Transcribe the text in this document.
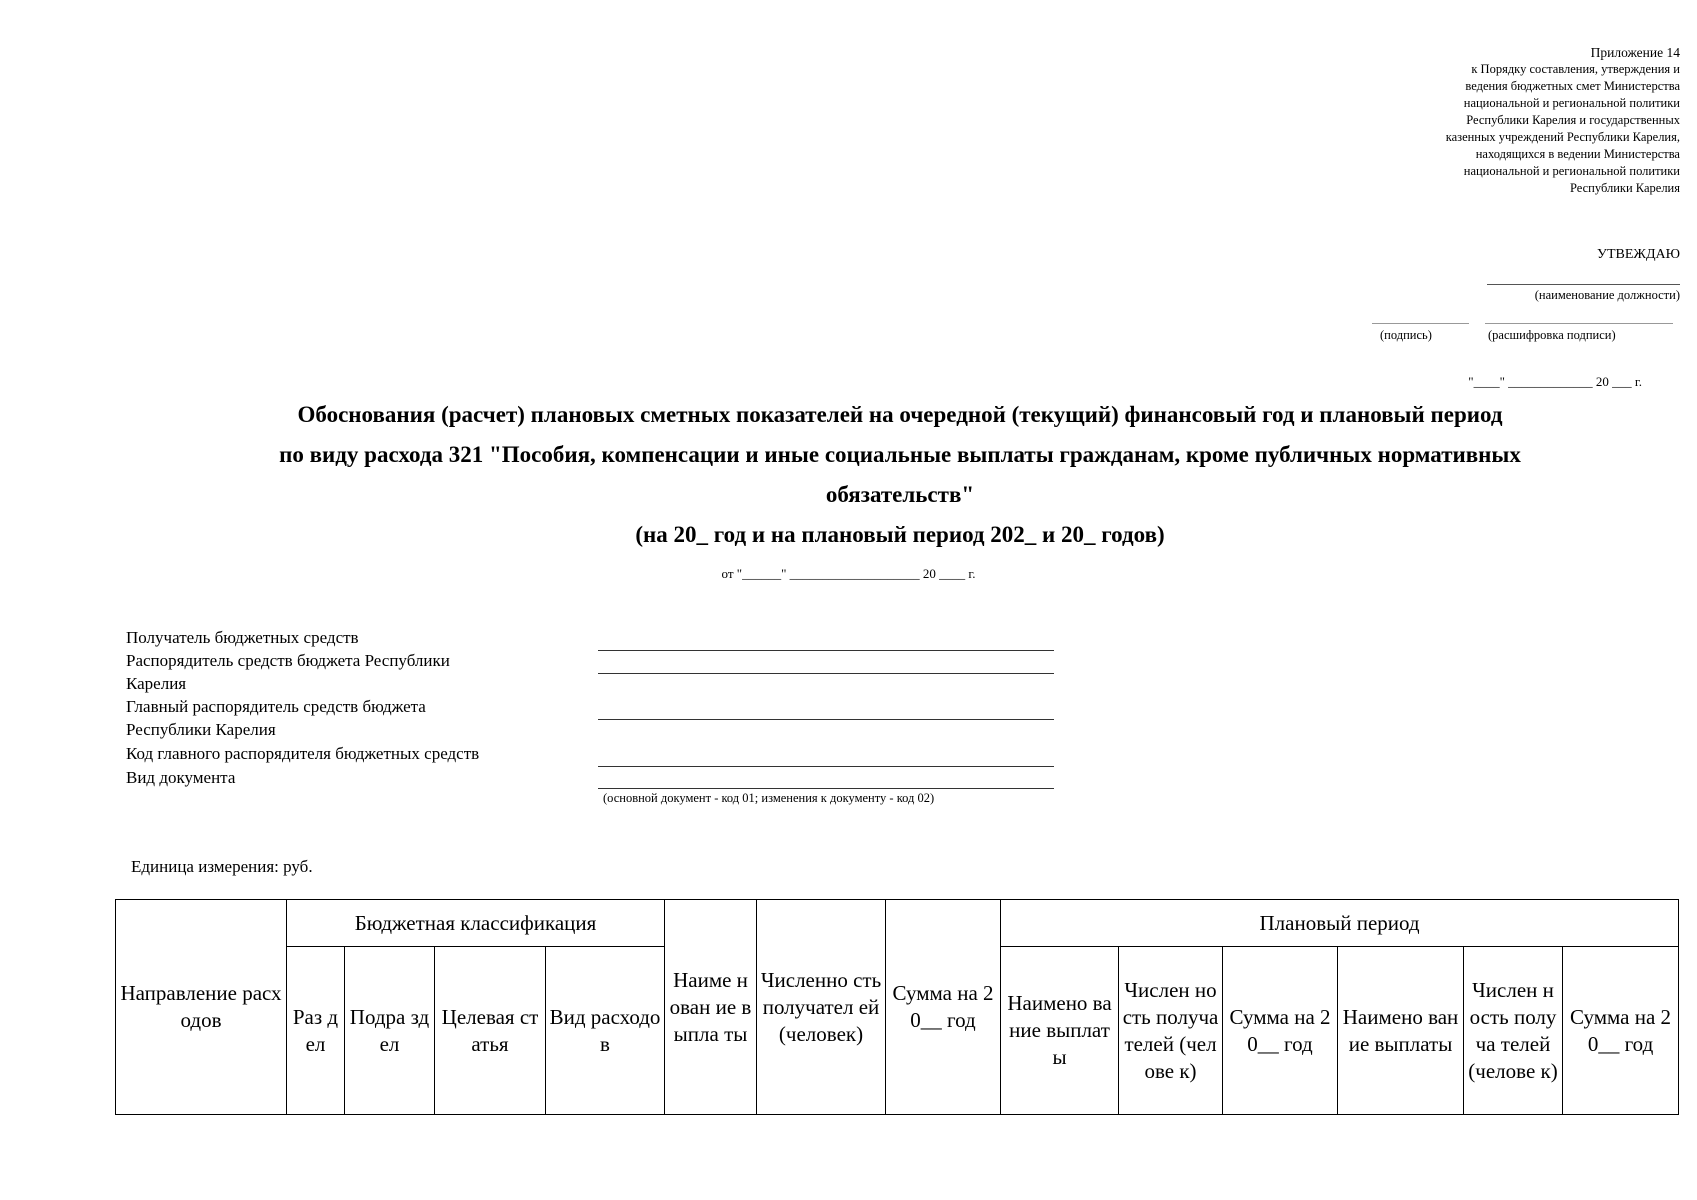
Приложение 14
к Порядку составления, утверждения и
ведения бюджетных смет Министерства
национальной и региональной политики
Республики Карелия и государственных
казенных учреждений Республики Карелия,
находящихся в ведении Министерства
национальной и региональной политики
Республики Карелия
УТВЕЖДАЮ
(наименование должности)
(подпись)	(расшифровка подписи)
"____" _____________ 20 ___ г.
Обоснования (расчет) плановых сметных показателей на очередной (текущий) финансовый год и плановый период
по виду расхода 321 "Пособия, компенсации и иные социальные выплаты гражданам, кроме публичных нормативных
обязательств"
(на 20_ год и на плановый период 202_ и 20_ годов)
от "______" ____________________ 20 ____ г.
Получатель бюджетных средств
Распорядитель средств бюджета Республики
Карелия
Главный распорядитель средств бюджета
Республики Карелия
Код главного распорядителя бюджетных средств
Вид документа
(основной документ - код 01; изменения к документу - код 02)
Единица измерения: руб.
Направление расходов	Бюджетная классификация				Наиме нован ие выпла ты	Численно сть получател ей (человек)	Сумма на 20__ год	Плановый период					
	Раз дел	Подра здел	Целевая статья	Вид расходов				Наимено вание выплаты	Числен ность получа телей (челове к)	Сумма на 20__ год	Наимено вание выплаты	Числен ность получа телей (челове к)	Сумма на 20__ год
